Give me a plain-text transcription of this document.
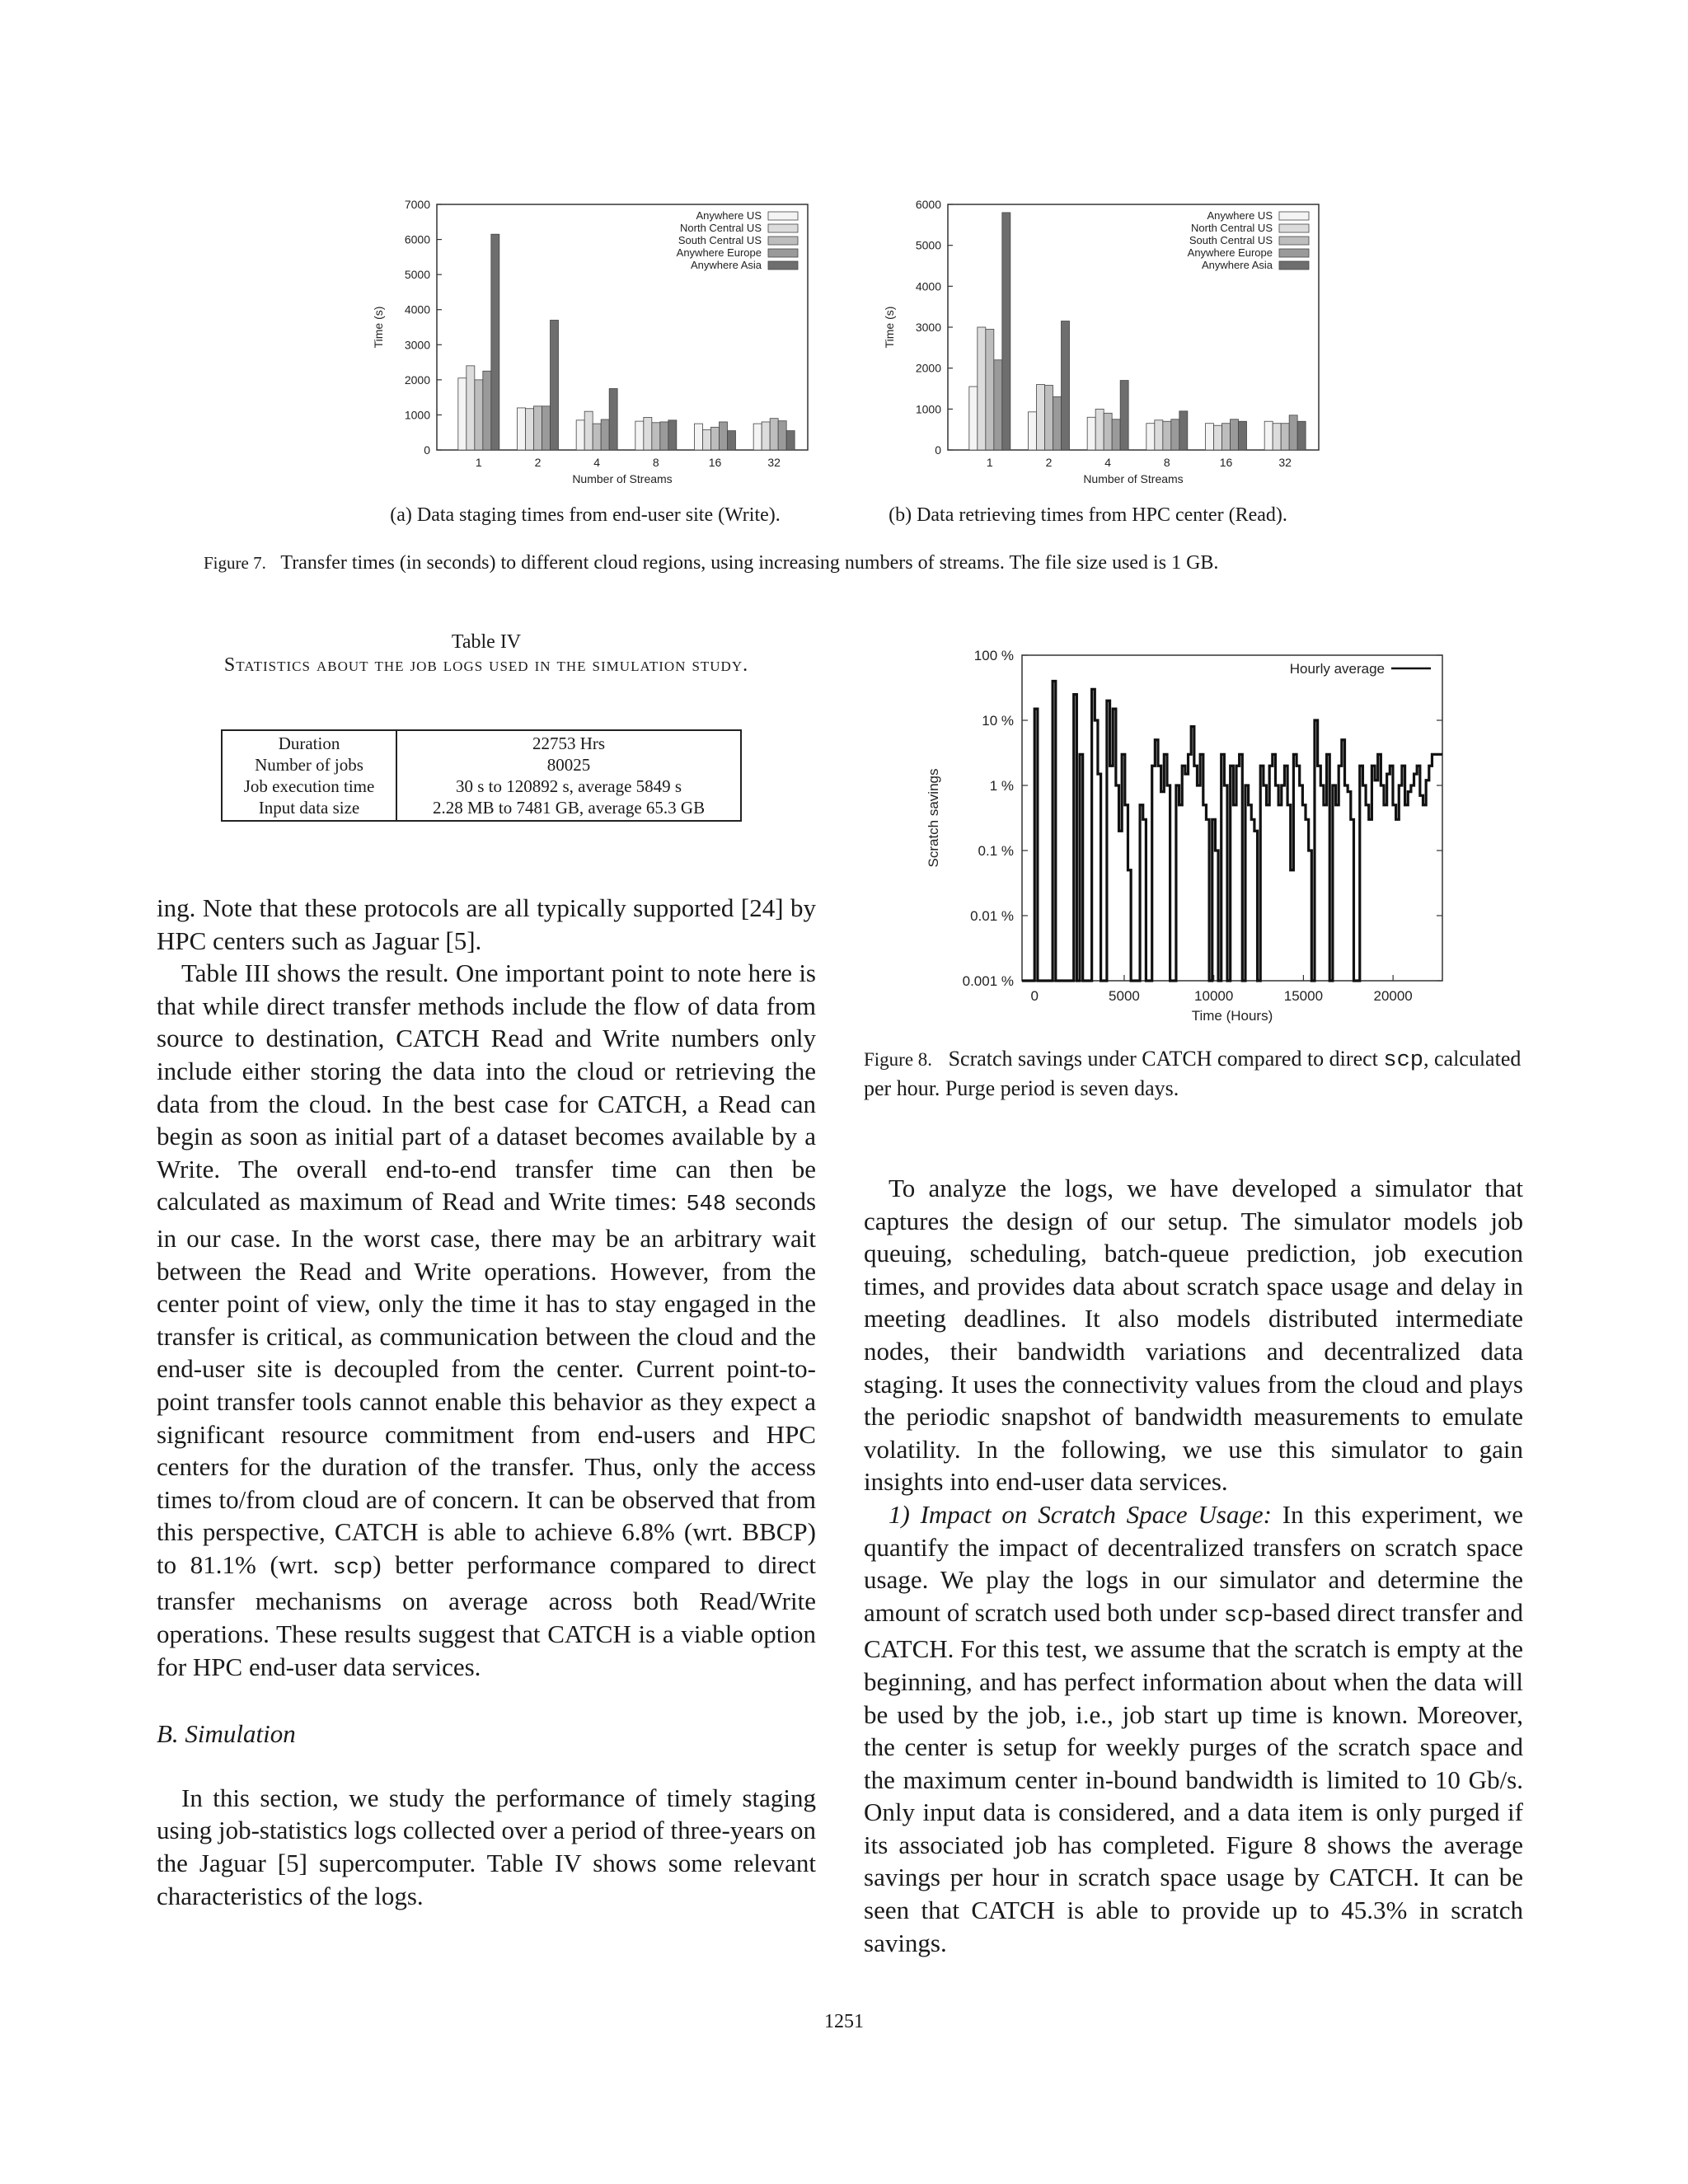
0
1000
2000
3000
4000
5000
6000
7000
1	2	4	8	16	32
Number of Streams
Time (s)
Anywhere US
North Central US
South Central US
Anywhere Europe
Anywhere Asia
0
1000
2000
3000
4000
5000
6000
1	2	4	8	16	32
Number of Streams
Time (s)
Anywhere US
North Central US
South Central US
Anywhere Europe
Anywhere Asia
(a) Data staging times from end-user site (Write).	(b) Data retrieving times from HPC center (Read).
Figure 7. Transfer times (in seconds) to different cloud regions, using increasing numbers of streams. The file size used is 1 GB.
Table IV
Statistics about the job logs used in the simulation study.
Duration	22753 Hrs
Number of jobs	80025
Job execution time	30 s to 120892 s, average 5849 s
Input data size	2.28 MB to 7481 GB, average 65.3 GB
0.001 %
0.01 %
0.1 %
1 %
10 %
100 %
0	5000	10000	15000	20000
Time (Hours)
Scratch savings
Hourly average
Figure 8. Scratch savings under CATCH compared to direct scp, calculated per hour. Purge period is seven days.

ing. Note that these protocols are all typically supported [24] by HPC centers such as Jaguar [5].

Table III shows the result. One important point to note here is that while direct transfer methods include the flow of data from source to destination, CATCH Read and Write numbers only include either storing the data into the cloud or retrieving the data from the cloud. In the best case for CATCH, a Read can begin as soon as initial part of a dataset becomes available by a Write. The overall end-to-end transfer time can then be calculated as maximum of Read and Write times: 548 seconds in our case. In the worst case, there may be an arbitrary wait between the Read and Write operations. However, from the center point of view, only the time it has to stay engaged in the transfer is critical, as communication between the cloud and the end-user site is decoupled from the center. Current point-to-point transfer tools cannot enable this behavior as they expect a significant resource commitment from end-users and HPC centers for the duration of the transfer. Thus, only the access times to/from cloud are of concern. It can be observed that from this perspective, CATCH is able to achieve 6.8% (wrt. BBCP) to 81.1% (wrt. scp) better performance compared to direct transfer mechanisms on average across both Read/Write operations. These results suggest that CATCH is a viable option for HPC end-user data services.

B. Simulation

In this section, we study the performance of timely staging using job-statistics logs collected over a period of three-years on the Jaguar [5] supercomputer. Table IV shows some relevant characteristics of the logs.

To analyze the logs, we have developed a simulator that captures the design of our setup. The simulator models job queuing, scheduling, batch-queue prediction, job execution times, and provides data about scratch space usage and delay in meeting deadlines. It also models distributed intermediate nodes, their bandwidth variations and decentralized data staging. It uses the connectivity values from the cloud and plays the periodic snapshot of bandwidth measurements to emulate volatility. In the following, we use this simulator to gain insights into end-user data services.

1) Impact on Scratch Space Usage: In this experiment, we quantify the impact of decentralized transfers on scratch space usage. We play the logs in our simulator and determine the amount of scratch used both under scp-based direct transfer and CATCH. For this test, we assume that the scratch is empty at the beginning, and has perfect information about when the data will be used by the job, i.e., job start up time is known. Moreover, the center is setup for weekly purges of the scratch space and the maximum center in-bound bandwidth is limited to 10 Gb/s. Only input data is considered, and a data item is only purged if its associated job has completed. Figure 8 shows the average savings per hour in scratch space usage by CATCH. It can be seen that CATCH is able to provide up to 45.3% in scratch savings.

1251
